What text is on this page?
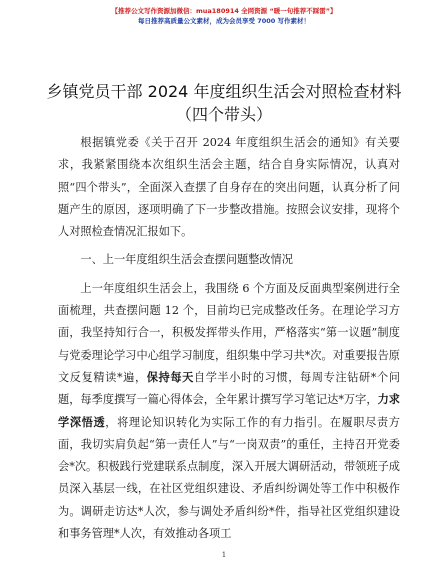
【推荐公文写作资源加微信：mua180914 全网资源 “暖一句推荐不踩雷”】
每日推荐高质量公文素材，成为会员享受 7000 写作素材！
乡镇党员干部 2024 年度组织生活会对照检查材料（四个带头）

根据镇党委《关于召开 2024 年度组织生活会的通知》有关要求，我紧紧围绕本次组织生活会主题，结合自身实际情况，认真对照“四个带头”，全面深入查摆了自身存在的突出问题，认真分析了问题产生的原因，逐项明确了下一步整改措施。按照会议安排，现将个人对照检查情况汇报如下。

一、上一年度组织生活会查摆问题整改情况

上一年度组织生活会上，我围绕 6 个方面及反面典型案例进行全面梳理，共查摆问题 12 个，目前均已完成整改任务。在理论学习方面，我坚持知行合一，积极发挥带头作用，严格落实“第一议题”制度与党委理论学习中心组学习制度，组织集中学习共*次。对重要报告原文反复精读*遍，保持每天自学半小时的习惯，每周专注钻研*个问题，每季度撰写一篇心得体会，全年累计撰写学习笔记达*万字，力求学深悟透，将理论知识转化为实际工作的有力指引。在履职尽责方面，我切实肩负起“第一责任人”与“一岗双责”的重任，主持召开党委会*次。积极践行党建联系点制度，深入开展大调研活动，带领班子成员深入基层一线，在社区党组织建设、矛盾纠纷调处等工作中积极作为。调研走访达*人次，参与调处矛盾纠纷*件，指导社区党组织建设和事务管理*人次，有效推动各项工

1
